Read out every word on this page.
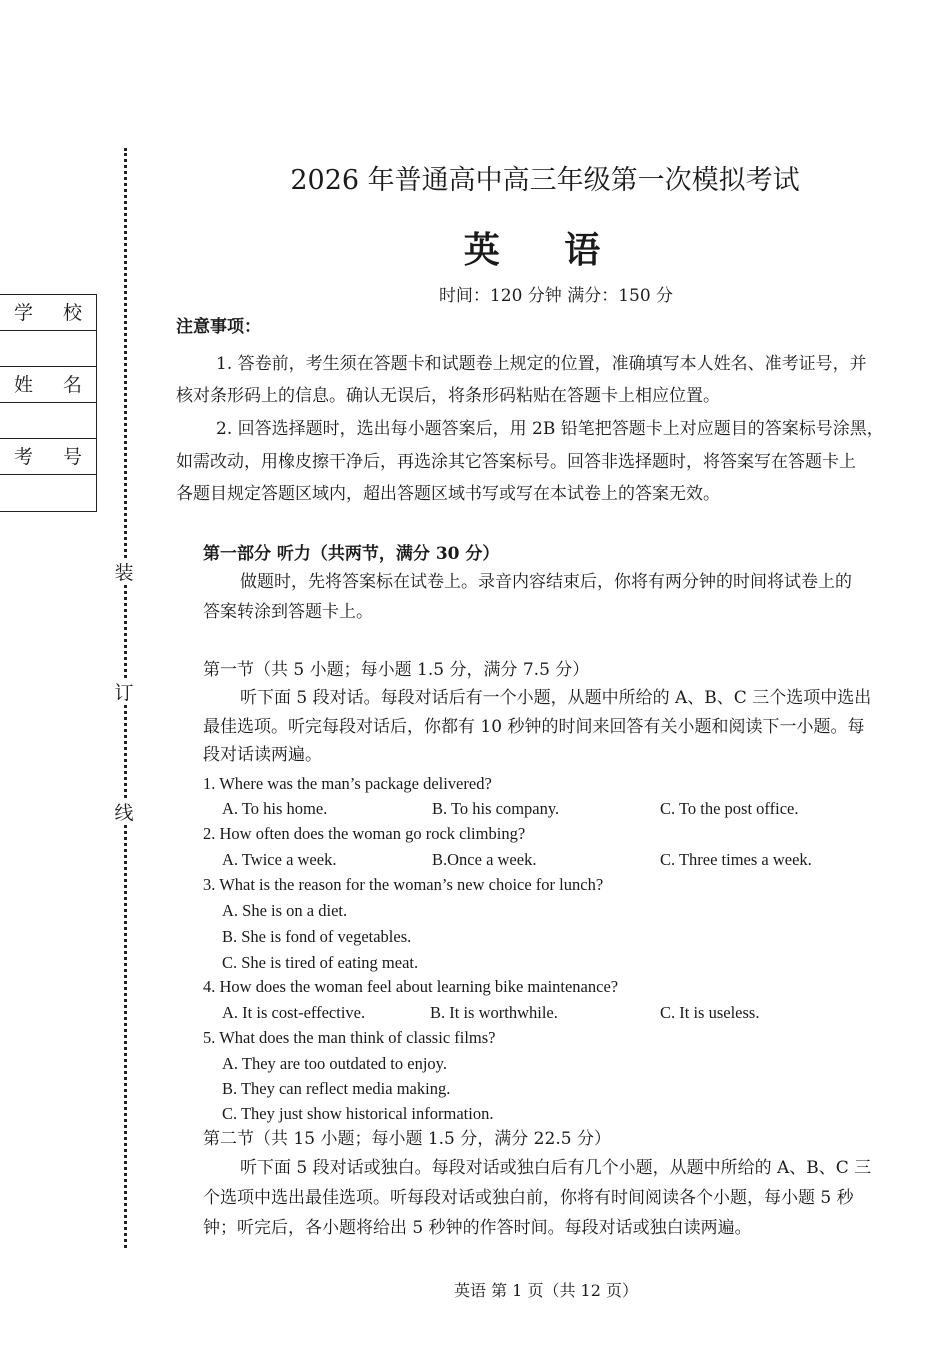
装
订
线
学 校
姓 名
考 号
2026 年普通高中高三年级第一次模拟考试
英 语
时间：120 分钟 满分：150 分
注意事项：
1. 答卷前，考生须在答题卡和试题卷上规定的位置，准确填写本人姓名、准考证号，并
核对条形码上的信息。确认无误后，将条形码粘贴在答题卡上相应位置。
2. 回答选择题时，选出每小题答案后，用 2B 铅笔把答题卡上对应题目的答案标号涂黑，
如需改动，用橡皮擦干净后，再选涂其它答案标号。回答非选择题时，将答案写在答题卡上
各题目规定答题区域内，超出答题区域书写或写在本试卷上的答案无效。
第一部分 听力（共两节，满分 30 分）
做题时，先将答案标在试卷上。录音内容结束后，你将有两分钟的时间将试卷上的
答案转涂到答题卡上。
第一节（共 5 小题；每小题 1.5 分，满分 7.5 分）
听下面 5 段对话。每段对话后有一个小题，从题中所给的 A、B、C 三个选项中选出
最佳选项。听完每段对话后，你都有 10 秒钟的时间来回答有关小题和阅读下一小题。每
段对话读两遍。
1. Where was the man’s package delivered?
A. To his home.	B. To his company.	C. To the post office.
2. How often does the woman go rock climbing?
A. Twice a week.	B.Once a week.	C. Three times a week.
3. What is the reason for the woman’s new choice for lunch?
A. She is on a diet.
B. She is fond of vegetables.
C. She is tired of eating meat.
4. How does the woman feel about learning bike maintenance?
A. It is cost-effective.	B. It is worthwhile.	C. It is useless.
5. What does the man think of classic films?
A. They are too outdated to enjoy.
B. They can reflect media making.
C. They just show historical information.
第二节（共 15 小题；每小题 1.5 分，满分 22.5 分）
听下面 5 段对话或独白。每段对话或独白后有几个小题，从题中所给的 A、B、C 三
个选项中选出最佳选项。听每段对话或独白前，你将有时间阅读各个小题，每小题 5 秒
钟；听完后，各小题将给出 5 秒钟的作答时间。每段对话或独白读两遍。
英语 第 1 页（共 12 页）
